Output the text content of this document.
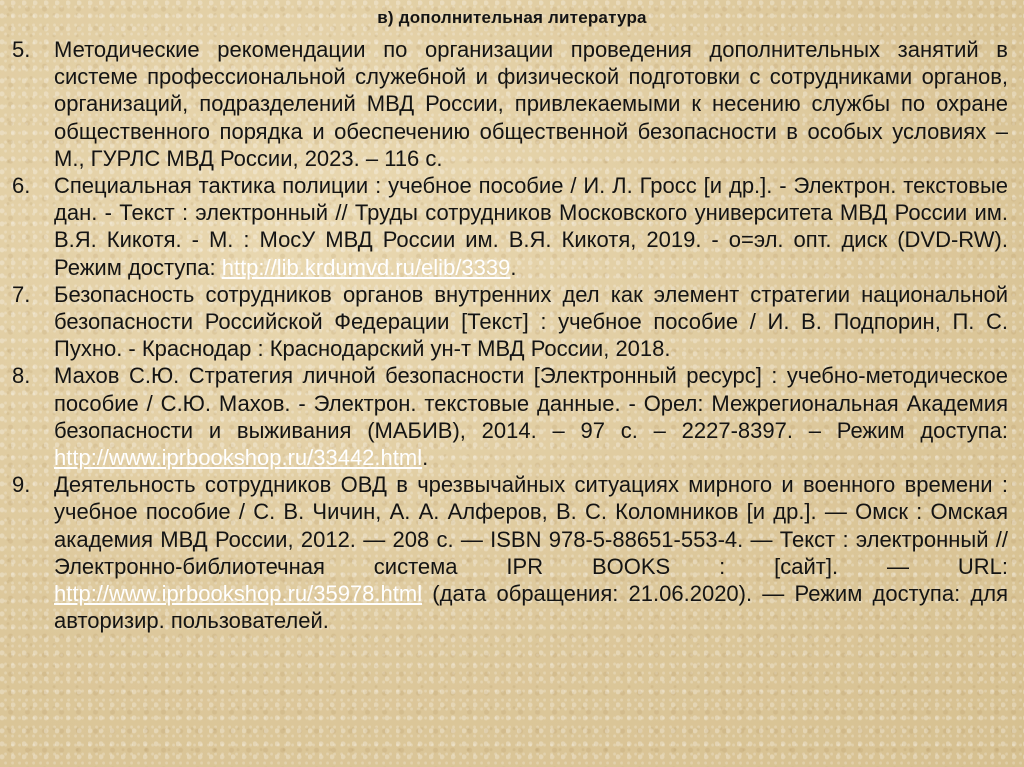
в) дополнительная литература
5.	Методические рекомендации по организации проведения дополнительных занятий в системе профессиональной служебной и физической подготовки с сотрудниками органов, организаций, подразделений МВД России, привлекаемыми к несению службы по охране общественного порядка и обеспечению общественной безопасности в особых условиях – М., ГУРЛС МВД России, 2023. – 116 с.
6.	Специальная тактика полиции : учебное пособие / И. Л. Гросс [и др.]. - Электрон. текстовые дан. - Текст : электронный // Труды сотрудников Московского университета МВД России им. В.Я. Кикотя. - М. : МосУ МВД России им. В.Я. Кикотя, 2019. - о=эл. опт. диск (DVD-RW). Режим доступа: http://lib.krdumvd.ru/elib/3339.
7.	Безопасность сотрудников органов внутренних дел как элемент стратегии национальной безопасности Российской Федерации [Текст] : учебное пособие / И. В. Подпорин, П. С. Пухно. - Краснодар : Краснодарский ун-т МВД России, 2018.
8.	Махов С.Ю. Стратегия личной безопасности [Электронный ресурс] : учебно-методическое пособие / С.Ю. Махов. - Электрон. текстовые данные. - Орел: Межрегиональная Академия безопасности и выживания (МАБИВ), 2014. – 97 с. – 2227-8397. – Режим доступа: http://www.iprbookshop.ru/33442.html.
9.	Деятельность сотрудников ОВД в чрезвычайных ситуациях мирного и военного времени : учебное пособие / С. В. Чичин, А. А. Алферов, В. С. Коломников [и др.]. — Омск : Омская академия МВД России, 2012. — 208 с. — ISBN 978-5-88651-553-4. — Текст : электронный // Электронно-библиотечная система IPR BOOKS : [сайт]. — URL: http://www.iprbookshop.ru/35978.html (дата обращения: 21.06.2020). — Режим доступа: для авторизир. пользователей.
